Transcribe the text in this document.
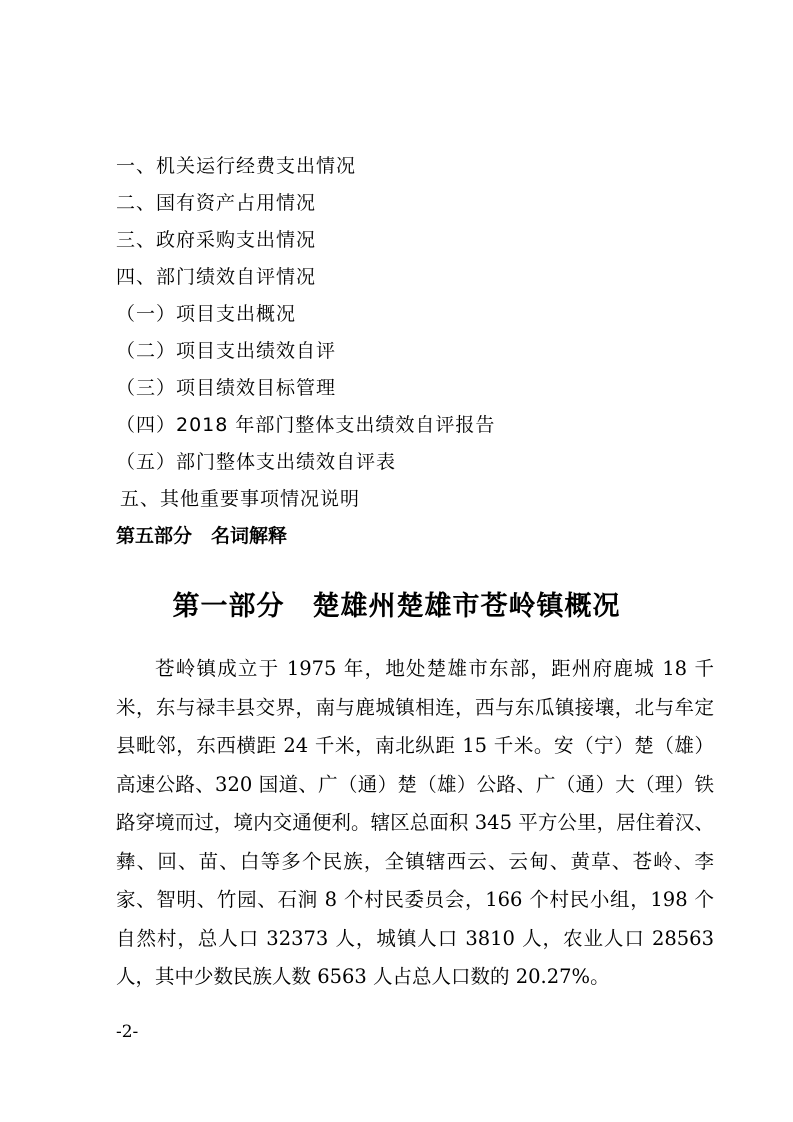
一、机关运行经费支出情况
二、国有资产占用情况
三、政府采购支出情况
四、部门绩效自评情况
（一）项目支出概况
（二）项目支出绩效自评
（三）项目绩效目标管理
（四）2018 年部门整体支出绩效自评报告
（五）部门整体支出绩效自评表
五、其他重要事项情况说明
第五部分　名词解释
第一部分　楚雄州楚雄市苍岭镇概况
苍岭镇成立于 1975 年，地处楚雄市东部，距州府鹿城 18 千米，东与禄丰县交界，南与鹿城镇相连，西与东瓜镇接壤，北与牟定县毗邻，东西横距 24 千米，南北纵距 15 千米。安（宁）楚（雄）高速公路、320 国道、广（通）楚（雄）公路、广（通）大（理）铁路穿境而过，境内交通便利。辖区总面积 345 平方公里，居住着汉、彝、回、苗、白等多个民族，全镇辖西云、云甸、黄草、苍岭、李家、智明、竹园、石涧 8 个村民委员会，166 个村民小组，198 个自然村，总人口 32373 人，城镇人口 3810 人，农业人口 28563 人，其中少数民族人数 6563 人占总人口数的 20.27%。
-2-
